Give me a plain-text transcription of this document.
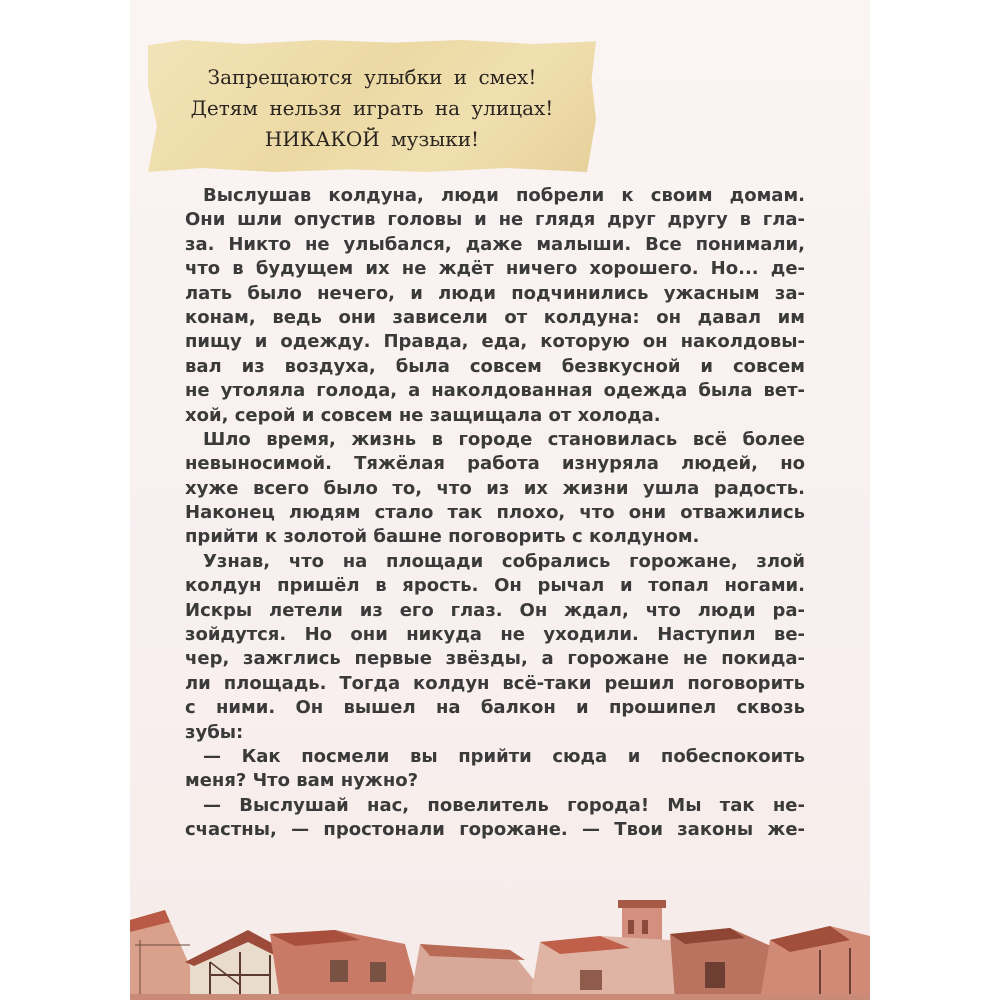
Запрещаются улыбки и смех!
Детям нельзя играть на улицах!
НИКАКОЙ музыки!
Выслушав колдуна, люди побрели к своим домам.
Они шли опустив головы и не глядя друг другу в гла-
за. Никто не улыбался, даже малыши. Все понимали,
что в будущем их не ждёт ничего хорошего. Но... де-
лать было нечего, и люди подчинились ужасным за-
конам, ведь они зависели от колдуна: он давал им
пищу и одежду. Правда, еда, которую он наколдовы-
вал из воздуха, была совсем безвкусной и совсем
не утоляла голода, а наколдованная одежда была вет-
хой, серой и совсем не защищала от холода.
Шло время, жизнь в городе становилась всё более
невыносимой. Тяжёлая работа изнуряла людей, но
хуже всего было то, что из их жизни ушла радость.
Наконец людям стало так плохо, что они отважились
прийти к золотой башне поговорить с колдуном.
Узнав, что на площади собрались горожане, злой
колдун пришёл в ярость. Он рычал и топал ногами.
Искры летели из его глаз. Он ждал, что люди ра-
зойдутся. Но они никуда не уходили. Наступил ве-
чер, зажглись первые звёзды, а горожане не покида-
ли площадь. Тогда колдун всё-таки решил поговорить
с ними. Он вышел на балкон и прошипел сквозь
зубы:
— Как посмели вы прийти сюда и побеспокоить
меня? Что вам нужно?
— Выслушай нас, повелитель города! Мы так не-
счастны, — простонали горожане. — Твои законы же-
